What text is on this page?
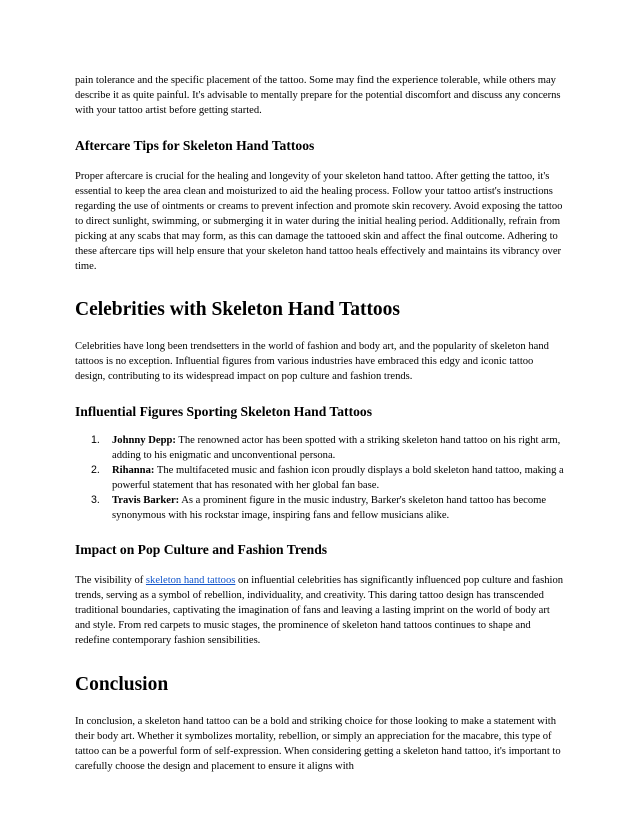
pain tolerance and the specific placement of the tattoo. Some may find the experience tolerable, while others may describe it as quite painful. It's advisable to mentally prepare for the potential discomfort and discuss any concerns with your tattoo artist before getting started.

Aftercare Tips for Skeleton Hand Tattoos

Proper aftercare is crucial for the healing and longevity of your skeleton hand tattoo. After getting the tattoo, it's essential to keep the area clean and moisturized to aid the healing process. Follow your tattoo artist's instructions regarding the use of ointments or creams to prevent infection and promote skin recovery. Avoid exposing the tattoo to direct sunlight, swimming, or submerging it in water during the initial healing period. Additionally, refrain from picking at any scabs that may form, as this can damage the tattooed skin and affect the final outcome. Adhering to these aftercare tips will help ensure that your skeleton hand tattoo heals effectively and maintains its vibrancy over time.

Celebrities with Skeleton Hand Tattoos

Celebrities have long been trendsetters in the world of fashion and body art, and the popularity of skeleton hand tattoos is no exception. Influential figures from various industries have embraced this edgy and iconic tattoo design, contributing to its widespread impact on pop culture and fashion trends.

Influential Figures Sporting Skeleton Hand Tattoos
1. Johnny Depp: The renowned actor has been spotted with a striking skeleton hand tattoo on his right arm, adding to his enigmatic and unconventional persona.
2. Rihanna: The multifaceted music and fashion icon proudly displays a bold skeleton hand tattoo, making a powerful statement that has resonated with her global fan base.
3. Travis Barker: As a prominent figure in the music industry, Barker's skeleton hand tattoo has become synonymous with his rockstar image, inspiring fans and fellow musicians alike.
Impact on Pop Culture and Fashion Trends

The visibility of skeleton hand tattoos on influential celebrities has significantly influenced pop culture and fashion trends, serving as a symbol of rebellion, individuality, and creativity. This daring tattoo design has transcended traditional boundaries, captivating the imagination of fans and leaving a lasting imprint on the world of body art and style. From red carpets to music stages, the prominence of skeleton hand tattoos continues to shape and redefine contemporary fashion sensibilities.

Conclusion

In conclusion, a skeleton hand tattoo can be a bold and striking choice for those looking to make a statement with their body art. Whether it symbolizes mortality, rebellion, or simply an appreciation for the macabre, this type of tattoo can be a powerful form of self-expression. When considering getting a skeleton hand tattoo, it's important to carefully choose the design and placement to ensure it aligns with
